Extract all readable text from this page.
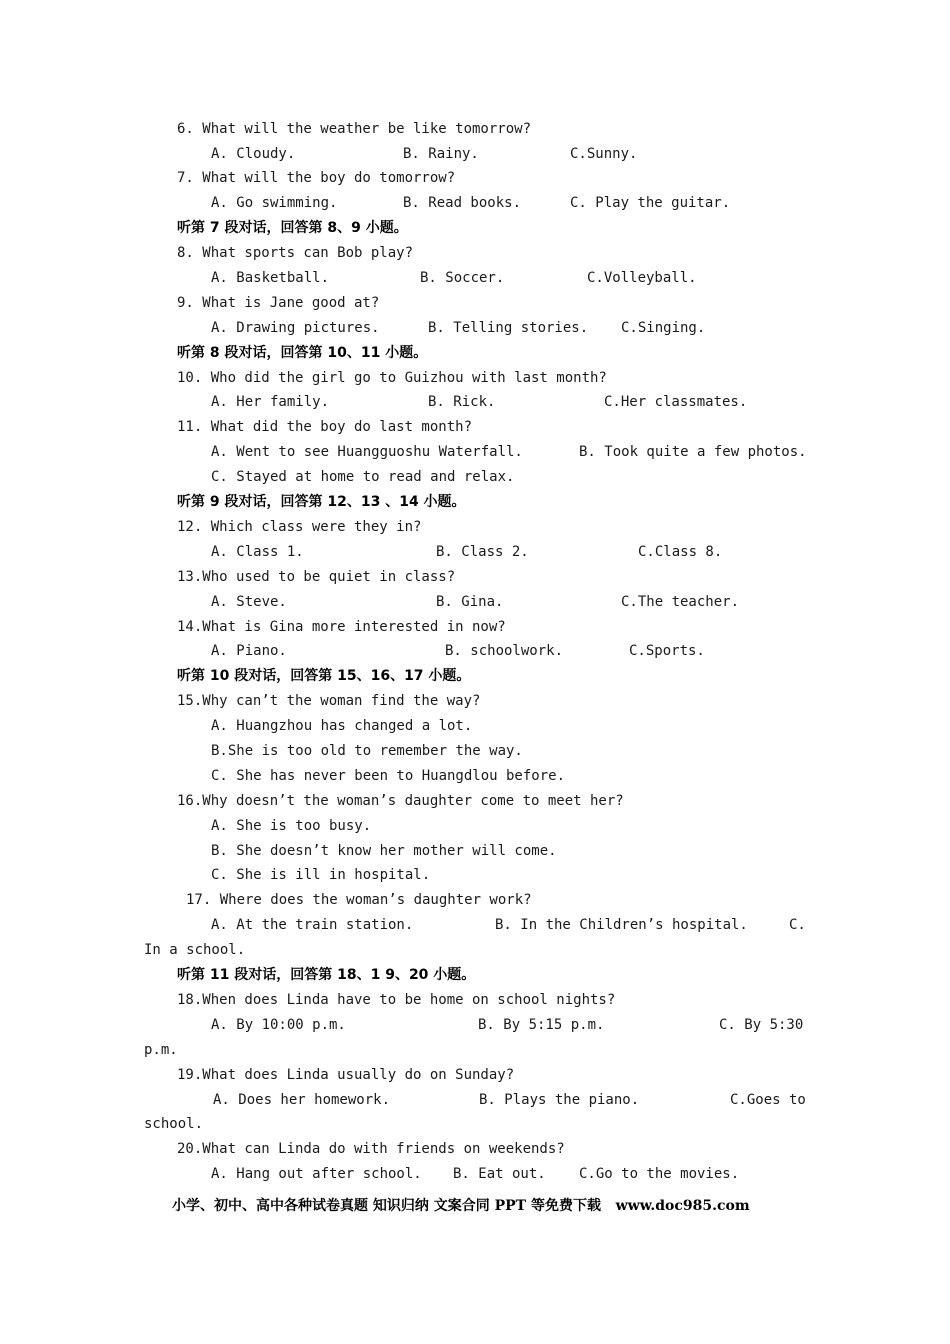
6. What will the weather be like tomorrow?
A. Cloudy.	B. Rainy.	C.Sunny.
7. What will the boy do tomorrow?
A. Go swimming.	B. Read books.	C. Play the guitar.
听第 7 段对话，回答第 8、9 小题。
8. What sports can Bob play?
A. Basketball.	B. Soccer.	C.Volleyball.
9. What is Jane good at?
A. Drawing pictures.	B. Telling stories. C.Singing.
听第 8 段对话，回答第 10、11 小题。
10. Who did the girl go to Guizhou with last month?
A. Her family.	B. Rick.	C.Her classmates.
11. What did the boy do last month?
A. Went to see Huangguoshu Waterfall.	B. Took quite a few photos.
C. Stayed at home to read and relax.
听第 9 段对话，回答第 12、13 、14 小题。
12. Which class were they in?
A. Class 1.	B. Class 2.	C.Class 8.
13.Who used to be quiet in class?
A. Steve.	B. Gina.	C.The teacher.
14.What is Gina more interested in now?
A. Piano.	B. schoolwork.	C.Sports.
听第 10 段对话，回答第 15、16、17 小题。
15.Why can’t the woman find the way?
A. Huangzhou has changed a lot.
B.She is too old to remember the way.
C. She has never been to Huangdlou before.
16.Why doesn’t the woman’s daughter come to meet her?
A. She is too busy.
B. She doesn’t know her mother will come.
C. She is ill in hospital.
17. Where does the woman’s daughter work?
A. At the train station.	B. In the Children’s hospital.	C.
In a school.
听第 11 段对话，回答第 18、1 9、20 小题。
18.When does Linda have to be home on school nights?
A. By 10:00 p.m.	B. By 5:15 p.m.	C. By 5:30
p.m.
19.What does Linda usually do on Sunday?
A. Does her homework.	B. Plays the piano.	C.Goes to
school.
20.What can Linda do with friends on weekends?
A. Hang out after school. B. Eat out. C.Go to the movies.
小学、初中、高中各种试卷真题 知识归纳 文案合同 PPT 等免费下载   www.doc985.com
